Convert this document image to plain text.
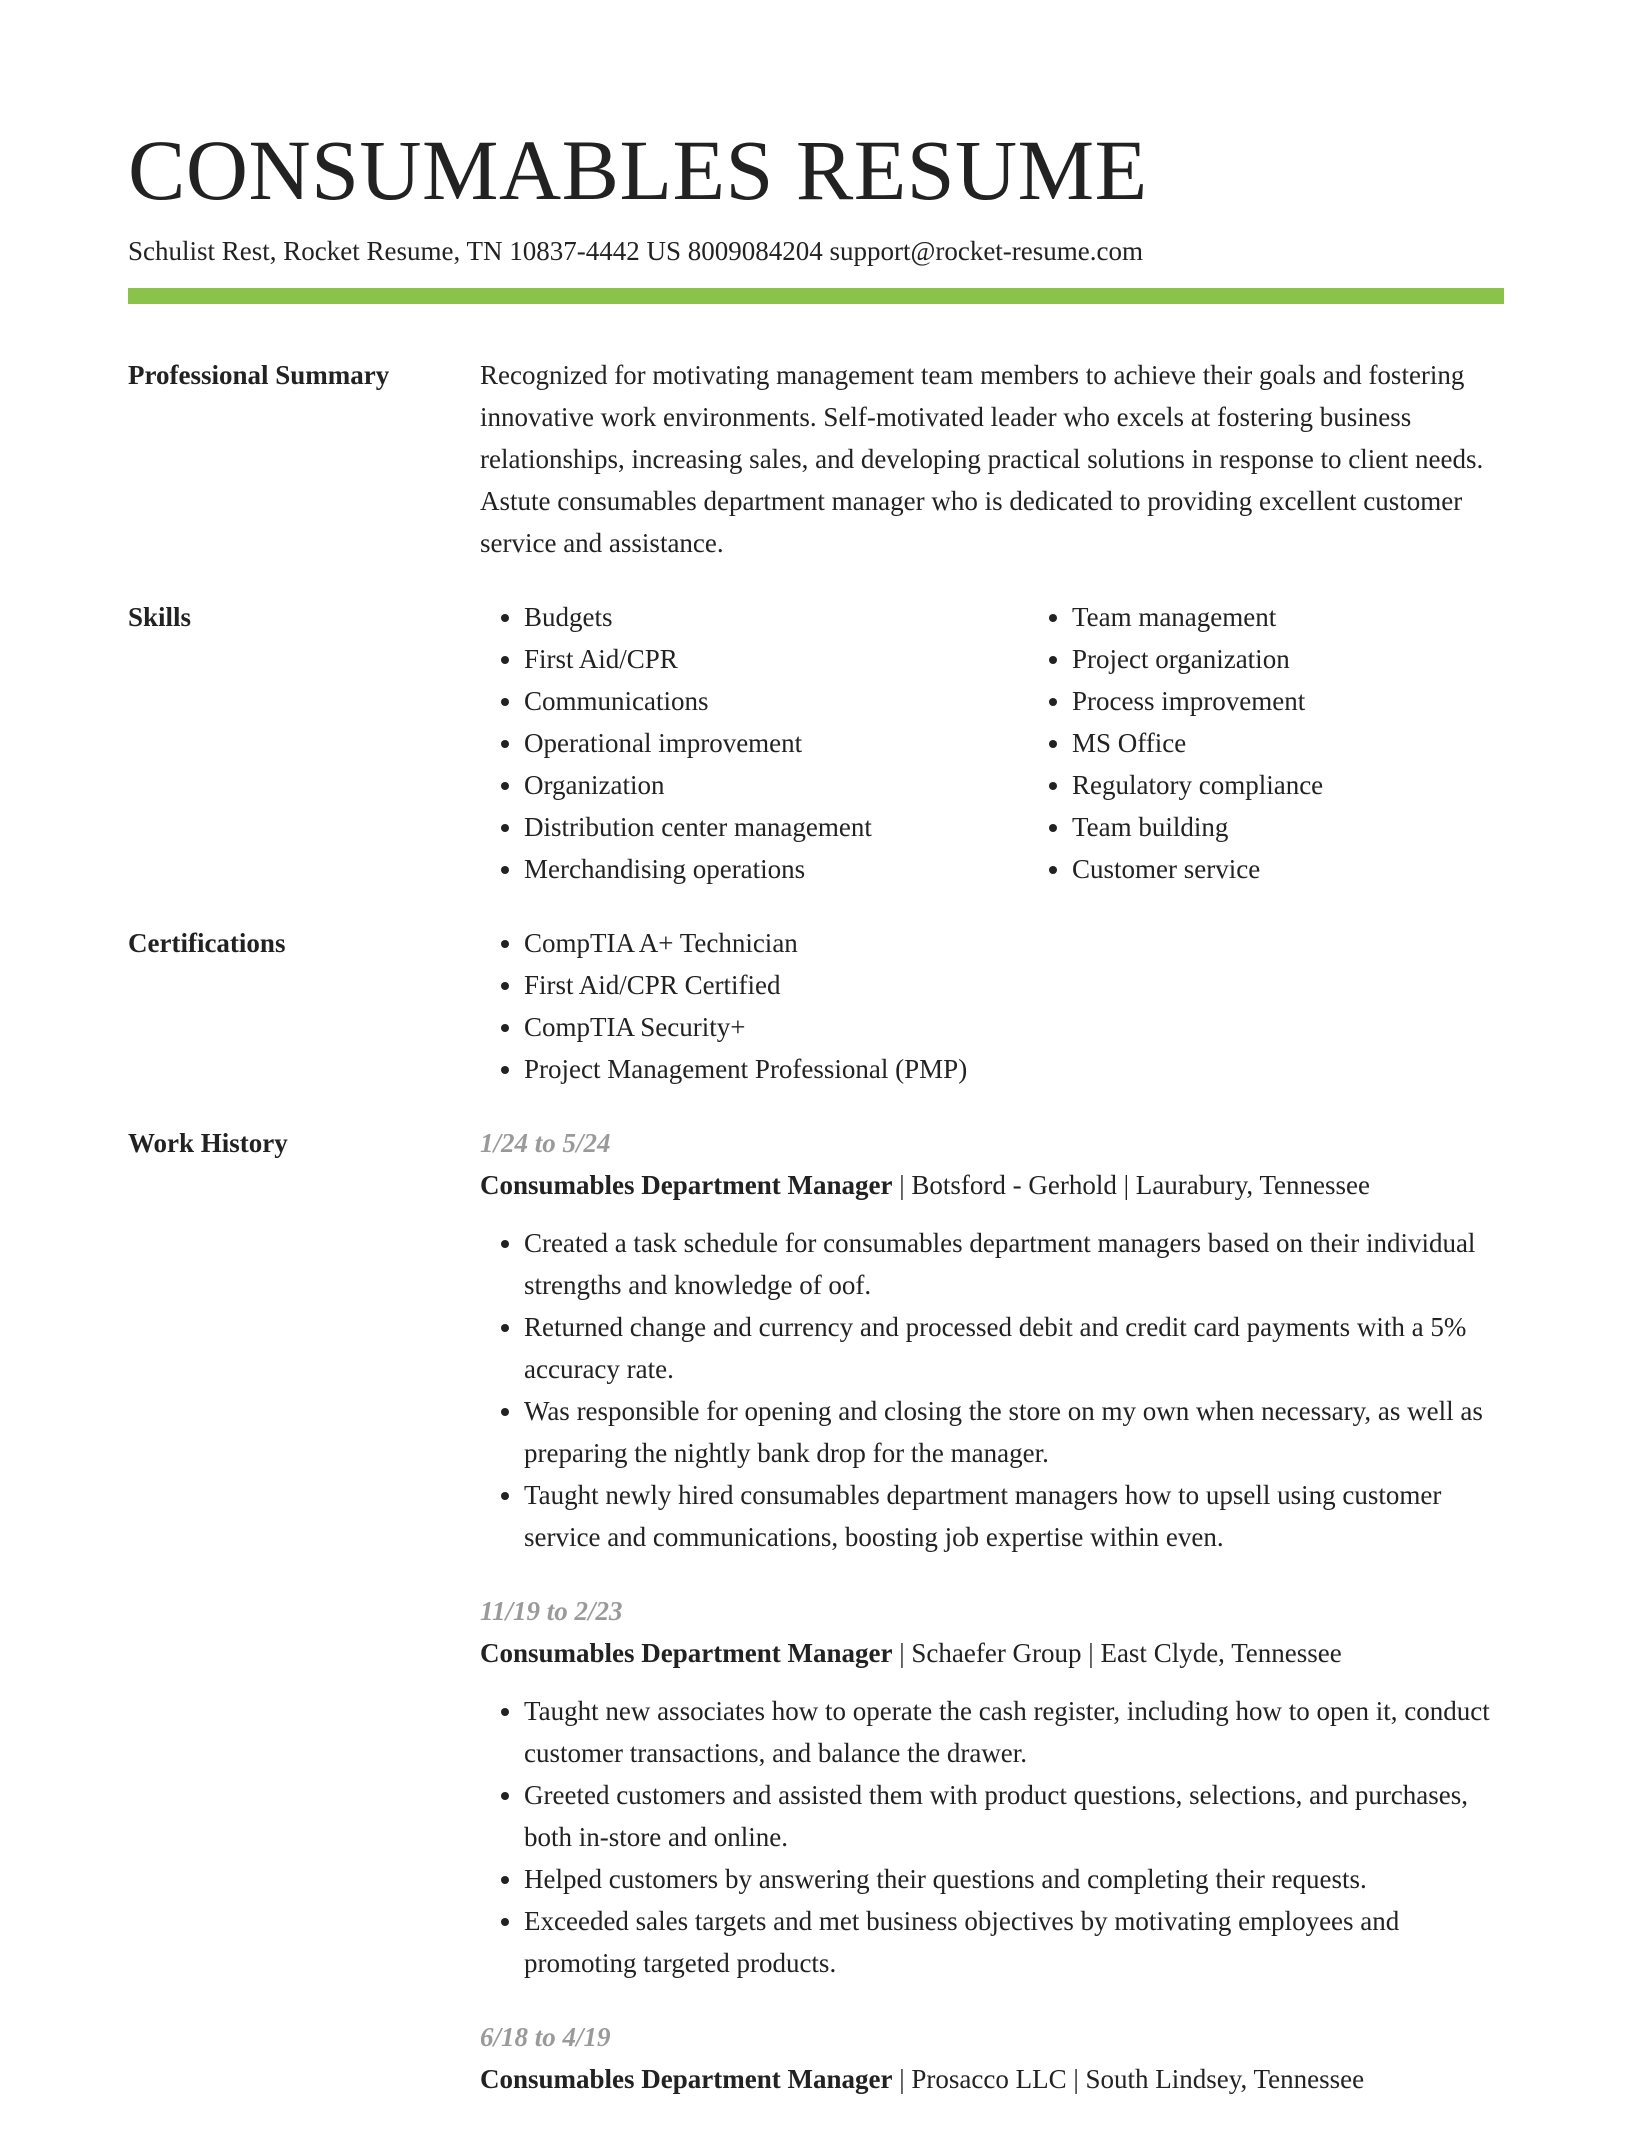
CONSUMABLES RESUME
Schulist Rest, Rocket Resume, TN 10837-4442 US 8009084204 support@rocket-resume.com
Professional Summary	Recognized for motivating management team members to achieve their goals and fostering innovative work environments. Self-motivated leader who excels at fostering business relationships, increasing sales, and developing practical solutions in response to client needs. Astute consumables department manager who is dedicated to providing excellent customer service and assistance.

Skills	• Budgets
• First Aid/CPR
• Communications
• Operational improvement
• Organization
• Distribution center management
• Merchandising operations
• Team management
• Project organization
• Process improvement
• MS Office
• Regulatory compliance
• Team building
• Customer service
Certifications	• CompTIA A+ Technician
• First Aid/CPR Certified
• CompTIA Security+
• Project Management Professional (PMP)
Work History	1/24 to 5/24
Consumables Department Manager | Botsford - Gerhold | Laurabury, Tennessee
• Created a task schedule for consumables department managers based on their individual strengths and knowledge of oof.
• Returned change and currency and processed debit and credit card payments with a 5% accuracy rate.
• Was responsible for opening and closing the store on my own when necessary, as well as preparing the nightly bank drop for the manager.
• Taught newly hired consumables department managers how to upsell using customer service and communications, boosting job expertise within even.
11/19 to 2/23
Consumables Department Manager | Schaefer Group | East Clyde, Tennessee
• Taught new associates how to operate the cash register, including how to open it, conduct customer transactions, and balance the drawer.
• Greeted customers and assisted them with product questions, selections, and purchases, both in-store and online.
• Helped customers by answering their questions and completing their requests.
• Exceeded sales targets and met business objectives by motivating employees and promoting targeted products.
6/18 to 4/19
Consumables Department Manager | Prosacco LLC | South Lindsey, Tennessee
